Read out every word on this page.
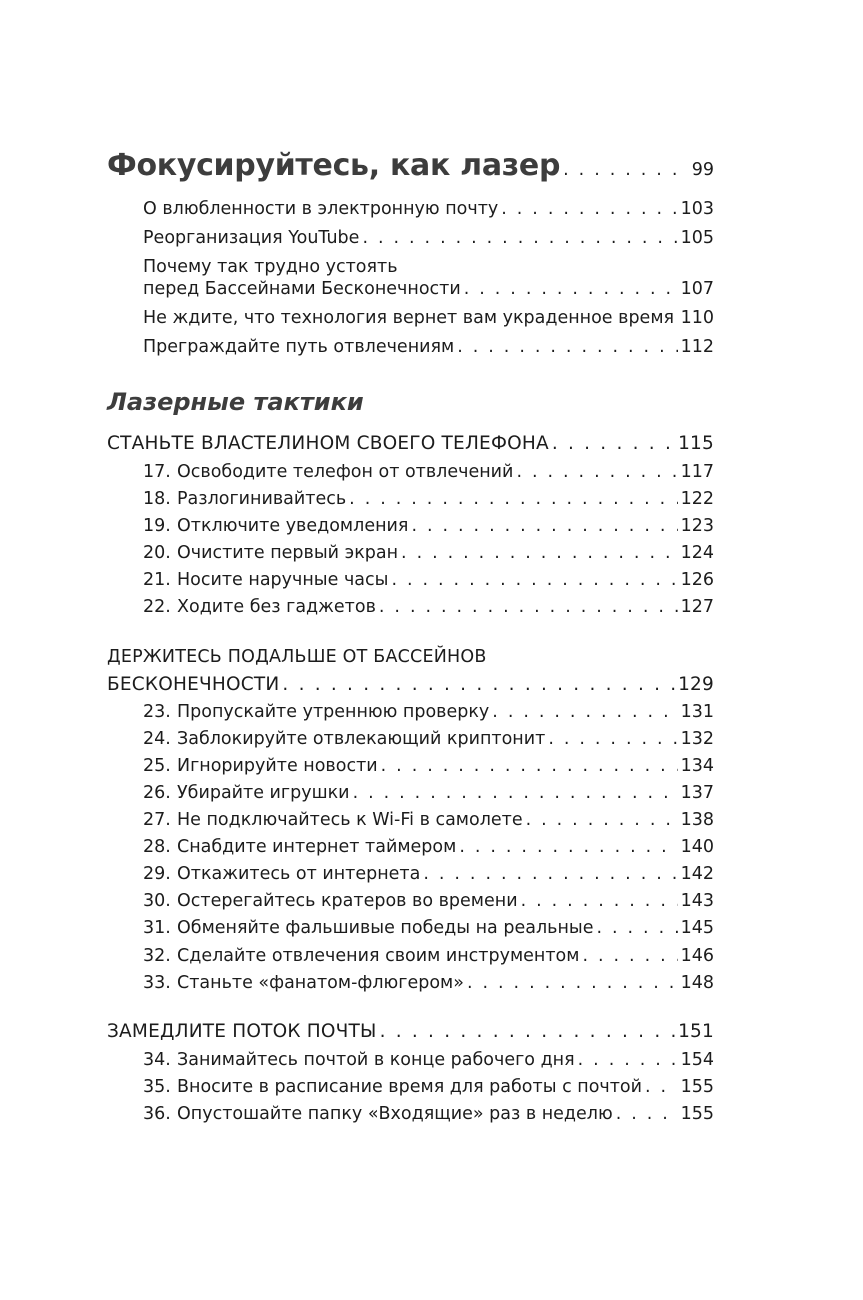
Фокусируйтесь, как лазер . . .	99
О влюбленности в электронную почту . . .	103
Реорганизация YouTube . . .	105
Почему так трудно устоять
перед Бассейнами Бесконечности . . .	107
Не ждите, что технология вернет вам украденное время . . . 110
Преграждайте путь отвлечениям . . .	112
Лазерные тактики
СТАНЬТЕ ВЛАСТЕЛИНОМ СВОЕГО ТЕЛЕФОНА . . .	115
17. Освободите телефон от отвлечений . . .	117
18. Разлогинивайтесь . . .	122
19. Отключите уведомления . . .	123
20. Очистите первый экран . . .	124
21. Носите наручные часы . . .	126
22. Ходите без гаджетов . . .	127
ДЕРЖИТЕСЬ ПОДАЛЬШЕ ОТ БАССЕЙНОВ
БЕСКОНЕЧНОСТИ . . .	129
23. Пропускайте утреннюю проверку . . .	131
24. Заблокируйте отвлекающий криптонит . . .	132
25. Игнорируйте новости . . .	134
26. Убирайте игрушки . . .	137
27. Не подключайтесь к Wi-Fi в самолете . . .	138
28. Снабдите интернет таймером . . .	140
29. Откажитесь от интернета . . .	142
30. Остерегайтесь кратеров во времени . . .	143
31. Обменяйте фальшивые победы на реальные . . .	145
32. Сделайте отвлечения своим инструментом . . .	146
33. Станьте «фанатом-флюгером» . . .	148
ЗАМЕДЛИТЕ ПОТОК ПОЧТЫ . . .	151
34. Занимайтесь почтой в конце рабочего дня . . .	154
35. Вносите в расписание время для работы с почтой . . . 155
36. Опустошайте папку «Входящие» раз в неделю . . .	155
